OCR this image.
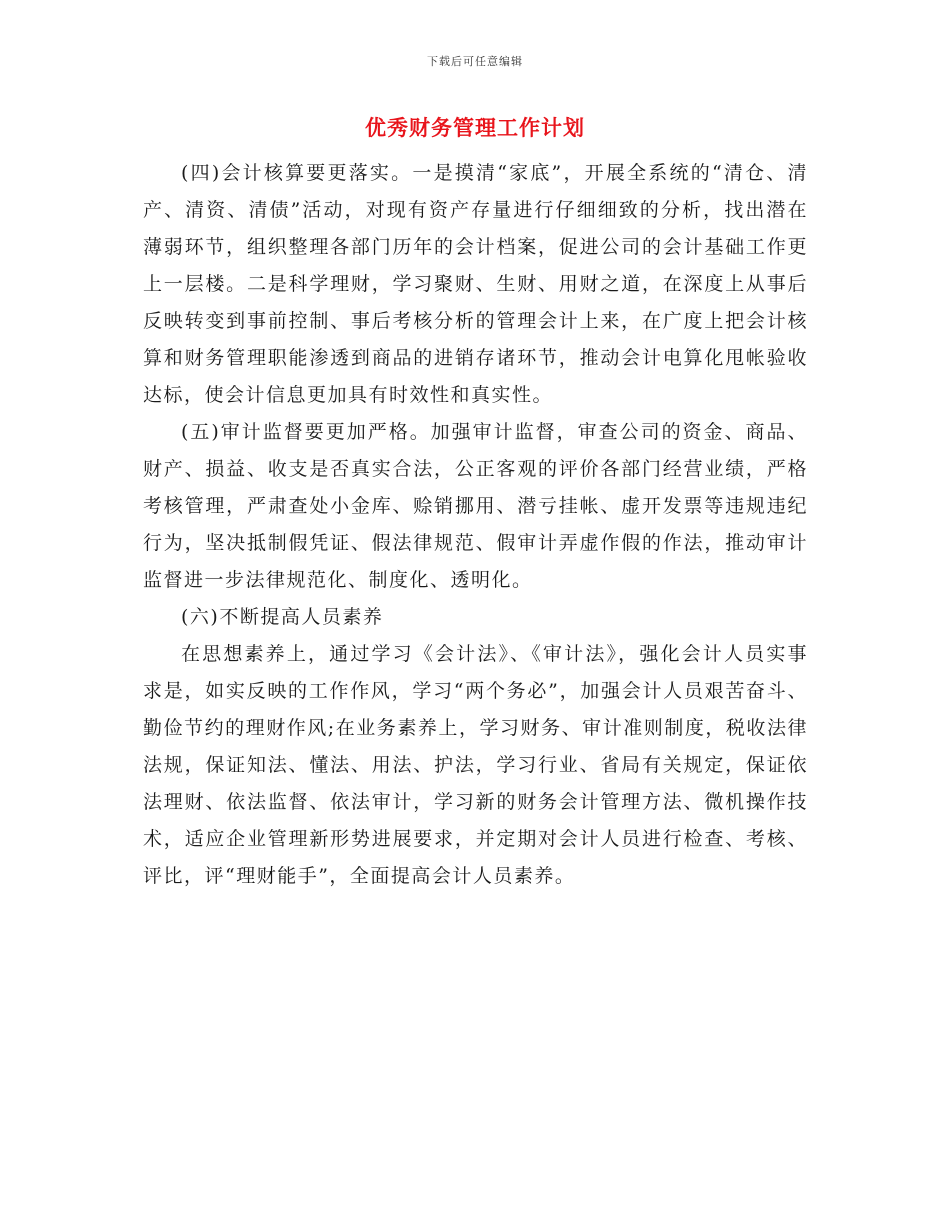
下载后可任意编辑
优秀财务管理工作计划

(四)会计核算要更落实。一是摸清“家底”，开展全系统的“清仓、清产、清资、清债”活动，对现有资产存量进行仔细细致的分析，找出潜在薄弱环节，组织整理各部门历年的会计档案，促进公司的会计基础工作更上一层楼。二是科学理财，学习聚财、生财、用财之道，在深度上从事后反映转变到事前控制、事后考核分析的管理会计上来，在广度上把会计核算和财务管理职能渗透到商品的进销存诸环节，推动会计电算化甩帐验收达标，使会计信息更加具有时效性和真实性。

(五)审计监督要更加严格。加强审计监督，审查公司的资金、商品、财产、损益、收支是否真实合法，公正客观的评价各部门经营业绩，严格考核管理，严肃查处小金库、赊销挪用、潜亏挂帐、虚开发票等违规违纪行为，坚决抵制假凭证、假法律规范、假审计弄虚作假的作法，推动审计监督进一步法律规范化、制度化、透明化。

(六)不断提高人员素养

在思想素养上，通过学习《会计法》、《审计法》，强化会计人员实事求是，如实反映的工作作风，学习“两个务必”，加强会计人员艰苦奋斗、勤俭节约的理财作风;在业务素养上，学习财务、审计准则制度，税收法律法规，保证知法、懂法、用法、护法，学习行业、省局有关规定，保证依法理财、依法监督、依法审计，学习新的财务会计管理方法、微机操作技术，适应企业管理新形势进展要求，并定期对会计人员进行检查、考核、评比，评“理财能手”，全面提高会计人员素养。
